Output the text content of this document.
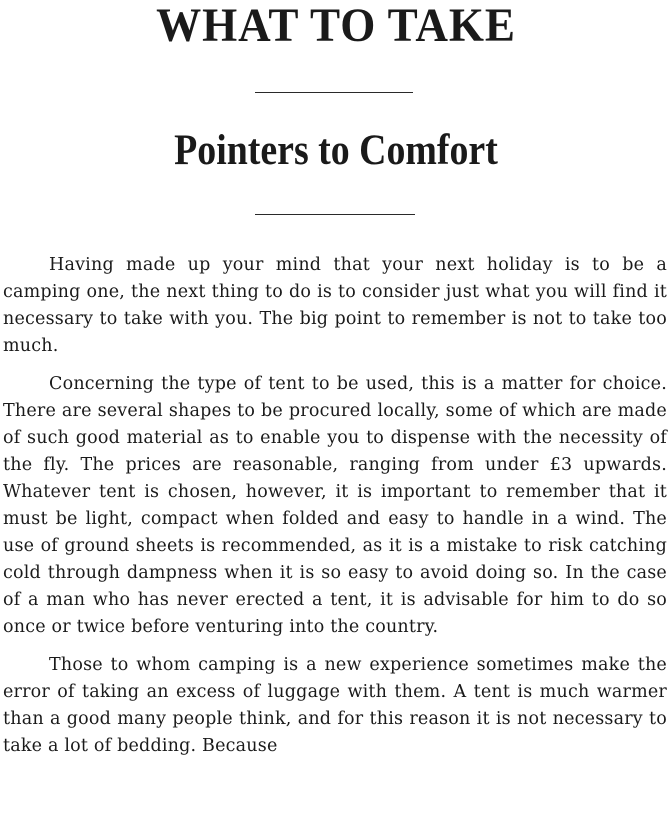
WHAT TO TAKE
Pointers to Comfort

Having made up your mind that your next holiday is to be a camping one, the next thing to do is to consider just what you will find it necessary to take with you. The big point to remember is not to take too much.

Concerning the type of tent to be used, this is a matter for choice. There are several shapes to be procured locally, some of which are made of such good material as to enable you to dispense with the necessity of the fly. The prices are reasonable, ranging from under £3 upwards. Whatever tent is chosen, however, it is important to remember that it must be light, compact when folded and easy to handle in a wind. The use of ground sheets is recommended, as it is a mistake to risk catching cold through dampness when it is so easy to avoid doing so. In the case of a man who has never erected a tent, it is advisable for him to do so once or twice before venturing into the country.

Those to whom camping is a new experience sometimes make the error of taking an excess of luggage with them. A tent is much warmer than a good many people think, and for this reason it is not necessary to take a lot of bedding. Because
